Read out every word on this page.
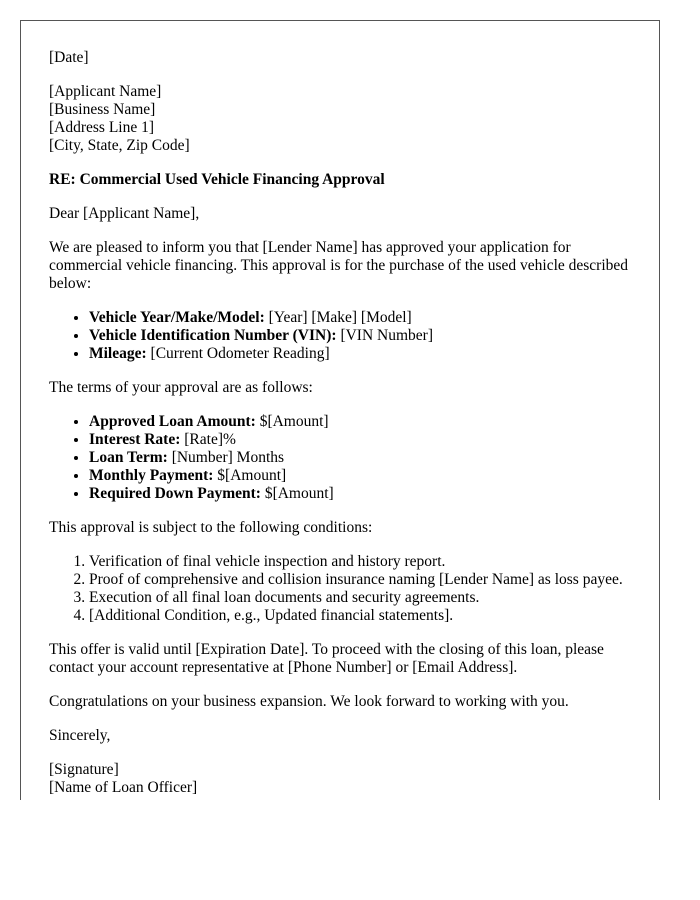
[Date]

[Applicant Name]
[Business Name]
[Address Line 1]
[City, State, Zip Code]

RE: Commercial Used Vehicle Financing Approval

Dear [Applicant Name],

We are pleased to inform you that [Lender Name] has approved your application for commercial vehicle financing. This approval is for the purchase of the used vehicle described below:

• Vehicle Year/Make/Model: [Year] [Make] [Model]
• Vehicle Identification Number (VIN): [VIN Number]
• Mileage: [Current Odometer Reading]

The terms of your approval are as follows:

• Approved Loan Amount: $[Amount]
• Interest Rate: [Rate]%
• Loan Term: [Number] Months
• Monthly Payment: $[Amount]
• Required Down Payment: $[Amount]

This approval is subject to the following conditions:

1. Verification of final vehicle inspection and history report.
2. Proof of comprehensive and collision insurance naming [Lender Name] as loss payee.
3. Execution of all final loan documents and security agreements.
4. [Additional Condition, e.g., Updated financial statements].

This offer is valid until [Expiration Date]. To proceed with the closing of this loan, please contact your account representative at [Phone Number] or [Email Address].

Congratulations on your business expansion. We look forward to working with you.

Sincerely,

[Signature]
[Name of Loan Officer]
